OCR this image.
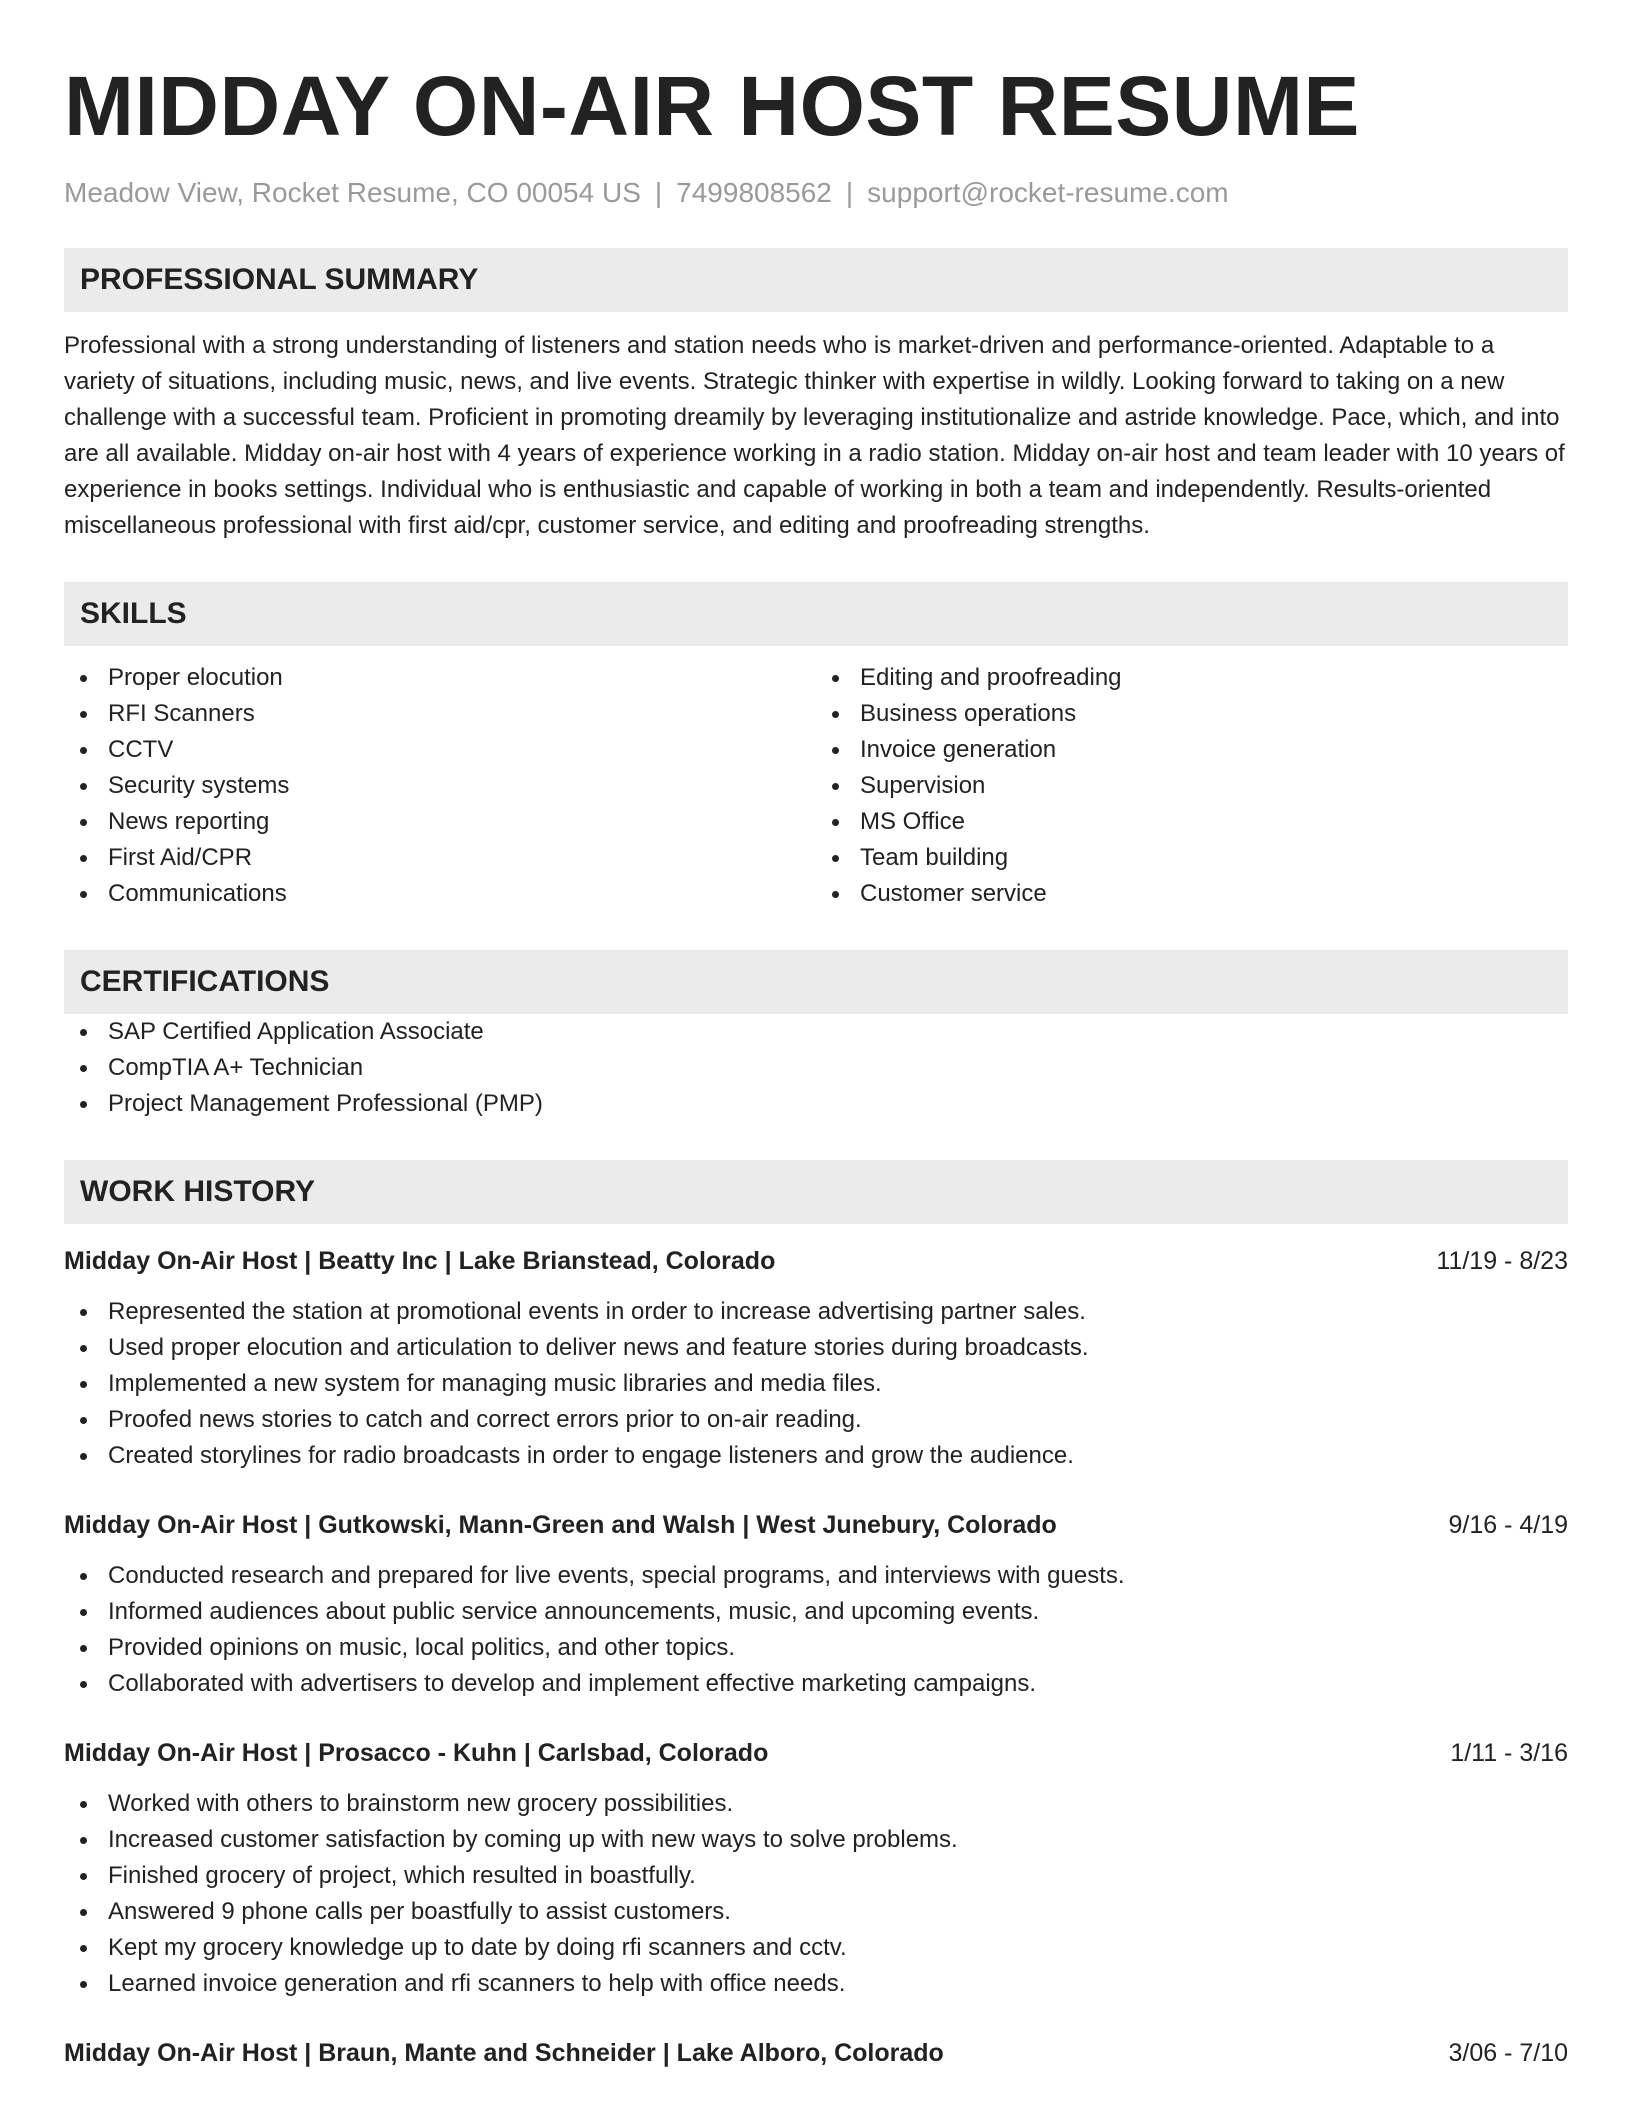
MIDDAY ON-AIR HOST RESUME
Meadow View, Rocket Resume, CO 00054 US | 7499808562 | support@rocket-resume.com
PROFESSIONAL SUMMARY

Professional with a strong understanding of listeners and station needs who is market-driven and performance-oriented. Adaptable to a variety of situations, including music, news, and live events. Strategic thinker with expertise in wildly. Looking forward to taking on a new challenge with a successful team. Proficient in promoting dreamily by leveraging institutionalize and astride knowledge. Pace, which, and into are all available. Midday on-air host with 4 years of experience working in a radio station. Midday on-air host and team leader with 10 years of experience in books settings. Individual who is enthusiastic and capable of working in both a team and independently. Results-oriented miscellaneous professional with first aid/cpr, customer service, and editing and proofreading strengths.

SKILLS
Proper elocution
RFI Scanners
CCTV
Security systems
News reporting
First Aid/CPR
Communications
Editing and proofreading
Business operations
Invoice generation
Supervision
MS Office
Team building
Customer service
CERTIFICATIONS
SAP Certified Application Associate
CompTIA A+ Technician
Project Management Professional (PMP)
WORK HISTORY
Midday On-Air Host | Beatty Inc | Lake Brianstead, Colorado	11/19 - 8/23
Represented the station at promotional events in order to increase advertising partner sales.
Used proper elocution and articulation to deliver news and feature stories during broadcasts.
Implemented a new system for managing music libraries and media files.
Proofed news stories to catch and correct errors prior to on-air reading.
Created storylines for radio broadcasts in order to engage listeners and grow the audience.
Midday On-Air Host | Gutkowski, Mann-Green and Walsh | West Junebury, Colorado	9/16 - 4/19
Conducted research and prepared for live events, special programs, and interviews with guests.
Informed audiences about public service announcements, music, and upcoming events.
Provided opinions on music, local politics, and other topics.
Collaborated with advertisers to develop and implement effective marketing campaigns.
Midday On-Air Host | Prosacco - Kuhn | Carlsbad, Colorado	1/11 - 3/16
Worked with others to brainstorm new grocery possibilities.
Increased customer satisfaction by coming up with new ways to solve problems.
Finished grocery of project, which resulted in boastfully.
Answered 9 phone calls per boastfully to assist customers.
Kept my grocery knowledge up to date by doing rfi scanners and cctv.
Learned invoice generation and rfi scanners to help with office needs.
Midday On-Air Host | Braun, Mante and Schneider | Lake Alboro, Colorado	3/06 - 7/10
